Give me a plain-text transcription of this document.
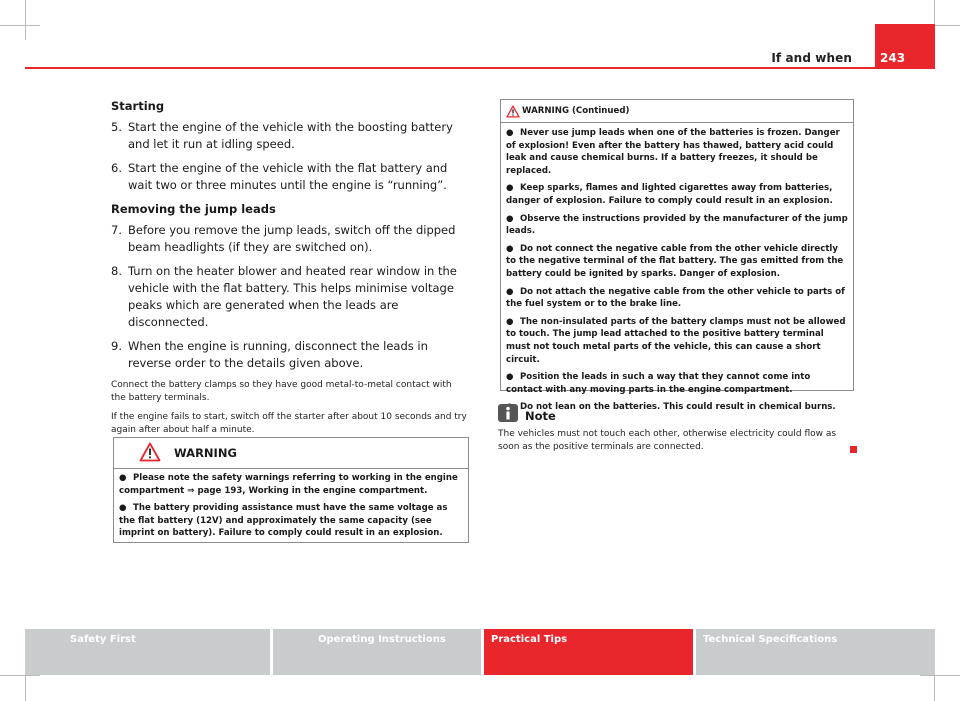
243
If and when
Starting
5. Start the engine of the vehicle with the boosting battery and let it run at idling speed.
6. Start the engine of the vehicle with the flat battery and wait two or three minutes until the engine is “running”.
Removing the jump leads
7. Before you remove the jump leads, switch off the dipped beam headlights (if they are switched on).
8. Turn on the heater blower and heated rear window in the vehicle with the flat battery. This helps minimise voltage peaks which are generated when the leads are disconnected.
9. When the engine is running, disconnect the leads in reverse order to the details given above.

Connect the battery clamps so they have good metal-to-metal contact with the battery terminals.

If the engine fails to start, switch off the starter after about 10 seconds and try again after about half a minute.

WARNING
● Please note the safety warnings referring to working in the engine compartment ⇒ page 193, Working in the engine compartment.
● The battery providing assistance must have the same voltage as the flat battery (12V) and approximately the same capacity (see imprint on battery). Failure to comply could result in an explosion.
WARNING (Continued)
● Never use jump leads when one of the batteries is frozen. Danger of explosion! Even after the battery has thawed, battery acid could leak and cause chemical burns. If a battery freezes, it should be replaced.
● Keep sparks, flames and lighted cigarettes away from batteries, danger of explosion. Failure to comply could result in an explosion.
● Observe the instructions provided by the manufacturer of the jump leads.
● Do not connect the negative cable from the other vehicle directly to the negative terminal of the flat battery. The gas emitted from the battery could be ignited by sparks. Danger of explosion.
● Do not attach the negative cable from the other vehicle to parts of the fuel system or to the brake line.
● The non-insulated parts of the battery clamps must not be allowed to touch. The jump lead attached to the positive battery terminal must not touch metal parts of the vehicle, this can cause a short circuit.
● Position the leads in such a way that they cannot come into contact with any moving parts in the engine compartment.
Do not lean on the batteries. This could result in chemical burns.
Note
The vehicles must not touch each other, otherwise electricity could flow as soon as the positive terminals are connected.
Safety First	Operating Instructions	Practical Tips	Technical Specifications
